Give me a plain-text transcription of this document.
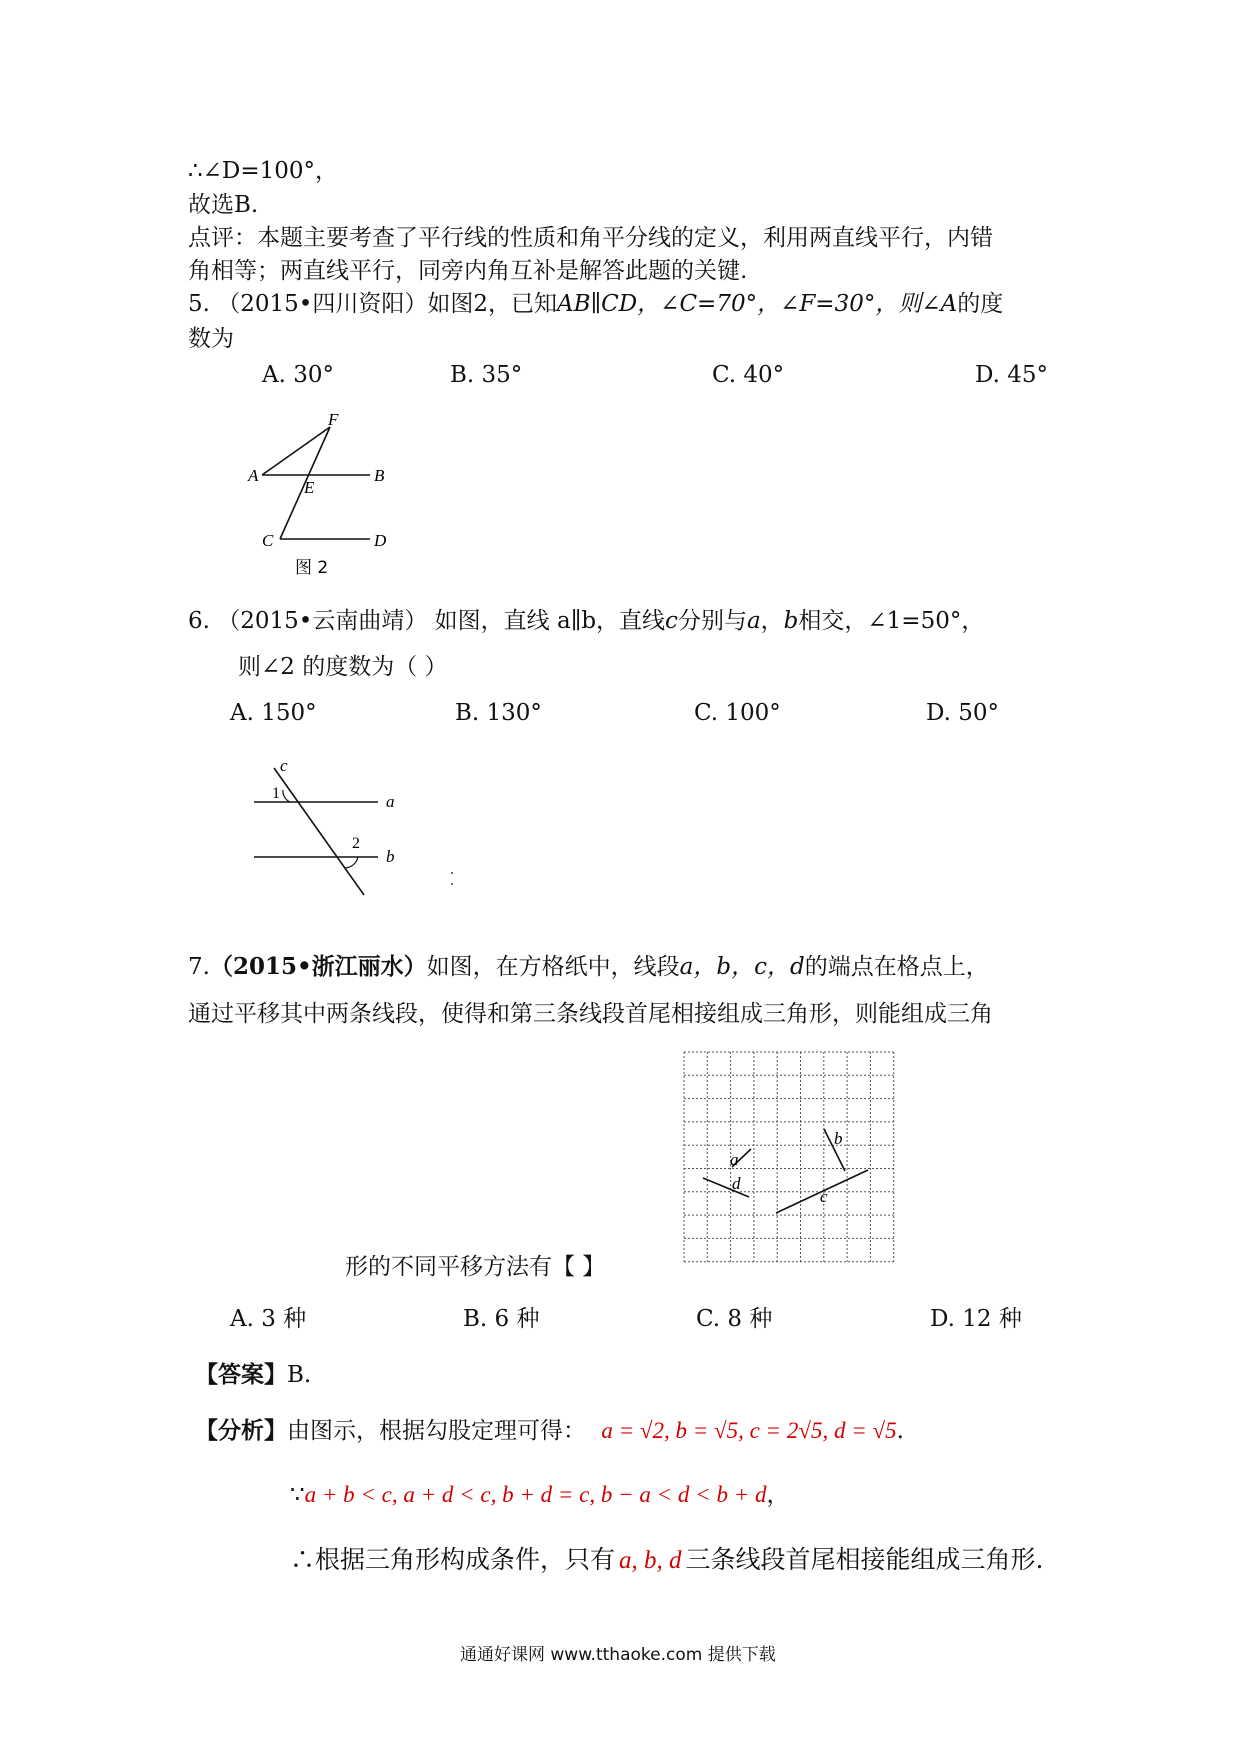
∴∠D=100°，
故选B.
点评：本题主要考查了平行线的性质和角平分线的定义，利用两直线平行，内错
角相等；两直线平行，同旁内角互补是解答此题的关键.
5. （2015•四川资阳）如图2，已知AB∥CD，∠C=70°，∠F=30°，则∠A的度
数为
A. 30°	B. 35°	C. 40°	D. 45°
F
A	B
E
C	D
图 2
6. （2015•云南曲靖） 如图，直线 a∥b，直线c分别与a，b相交，∠1=50°，
则∠2 的度数为（ ）
A. 150°	B. 130°	C. 100°	D. 50°
c
1	a
2
b
7.（2015•浙江丽水）如图，在方格纸中，线段a，b，c，d的端点在格点上，
通过平移其中两条线段，使得和第三条线段首尾相接组成三角形，则能组成三角
a
b
c
d
形的不同平移方法有【 】
A. 3 种	B. 6 种	C. 8 种	D. 12 种
【答案】B.
【分析】由图示，根据勾股定理可得： a = √2, b = √5, c = 2√5, d = √5.
∵a + b < c, a + d < c, b + d = c, b − a < d < b + d，
∴根据三角形构成条件，只有 a, b, d 三条线段首尾相接能组成三角形.
通通好课网 www.tthaoke.com 提供下载
